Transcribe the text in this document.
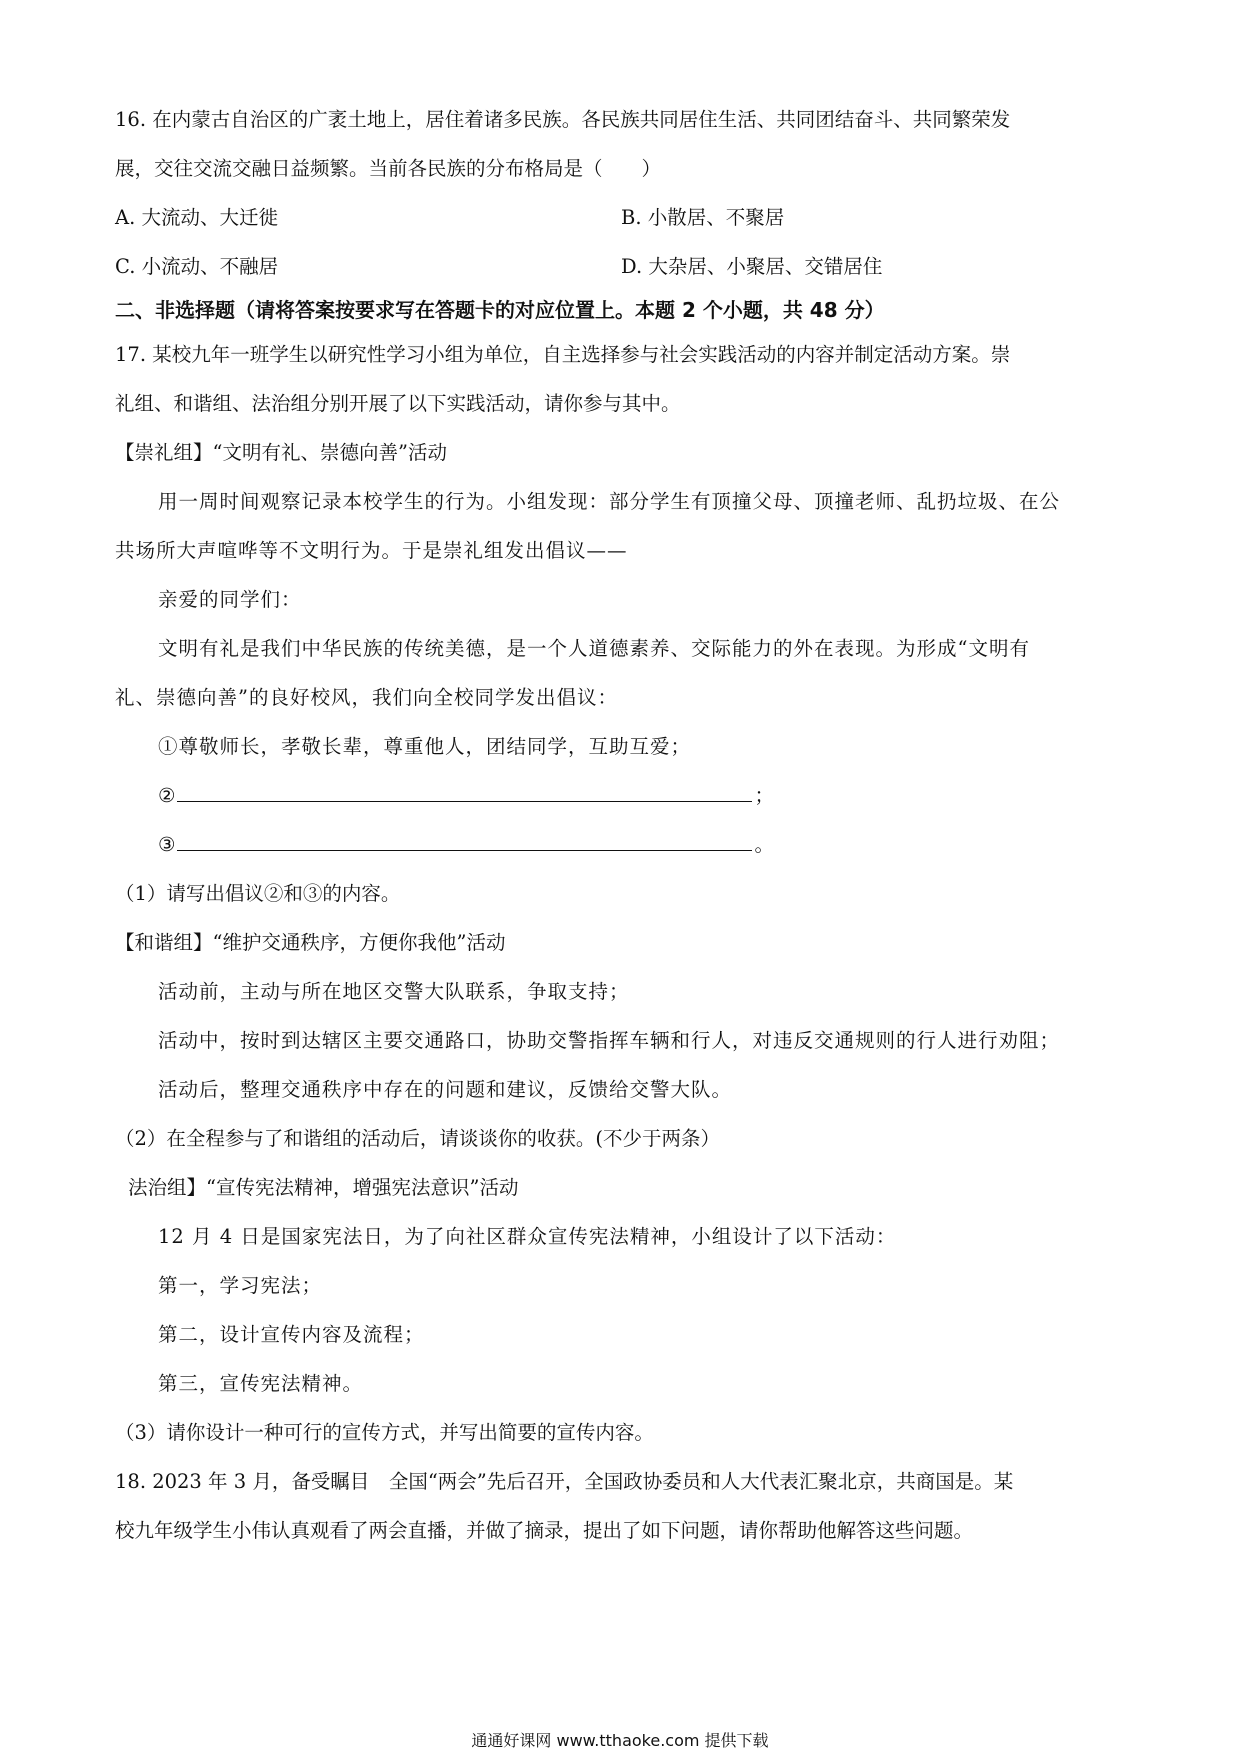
16. 在内蒙古自治区的广袤土地上，居住着诸多民族。各民族共同居住生活、共同团结奋斗、共同繁荣发
展，交往交流交融日益频繁。当前各民族的分布格局是（　　）
A. 大流动、大迁徙	B. 小散居、不聚居
C. 小流动、不融居	D. 大杂居、小聚居、交错居住
二、非选择题（请将答案按要求写在答题卡的对应位置上。本题 2 个小题，共 48 分）
17. 某校九年一班学生以研究性学习小组为单位，自主选择参与社会实践活动的内容并制定活动方案。崇
礼组、和谐组、法治组分别开展了以下实践活动，请你参与其中。
【崇礼组】“文明有礼、崇德向善”活动
用一周时间观察记录本校学生的行为。小组发现：部分学生有顶撞父母、顶撞老师、乱扔垃圾、在公
共场所大声喧哗等不文明行为。于是崇礼组发出倡议——
亲爱的同学们：
文明有礼是我们中华民族的传统美德，是一个人道德素养、交际能力的外在表现。为形成“文明有
礼、崇德向善”的良好校风，我们向全校同学发出倡议：
①尊敬师长，孝敬长辈，尊重他人，团结同学，互助互爱；
②	；
③	。
（1）请写出倡议②和③的内容。
【和谐组】“维护交通秩序，方便你我他”活动
活动前，主动与所在地区交警大队联系，争取支持；
活动中，按时到达辖区主要交通路口，协助交警指挥车辆和行人，对违反交通规则的行人进行劝阻；
活动后，整理交通秩序中存在的问题和建议，反馈给交警大队。
（2）在全程参与了和谐组的活动后，请谈谈你的收获。(不少于两条）
法治组】“宣传宪法精神，增强宪法意识”活动
12 月 4 日是国家宪法日，为了向社区群众宣传宪法精神，小组设计了以下活动：
第一，学习宪法；
第二，设计宣传内容及流程；
第三，宣传宪法精神。
（3）请你设计一种可行的宣传方式，并写出简要的宣传内容。
18. 2023 年 3 月，备受瞩目　全国“两会”先后召开，全国政协委员和人大代表汇聚北京，共商国是。某
校九年级学生小伟认真观看了两会直播，并做了摘录，提出了如下问题，请你帮助他解答这些问题。
通通好课网 www.tthaoke.com 提供下载
